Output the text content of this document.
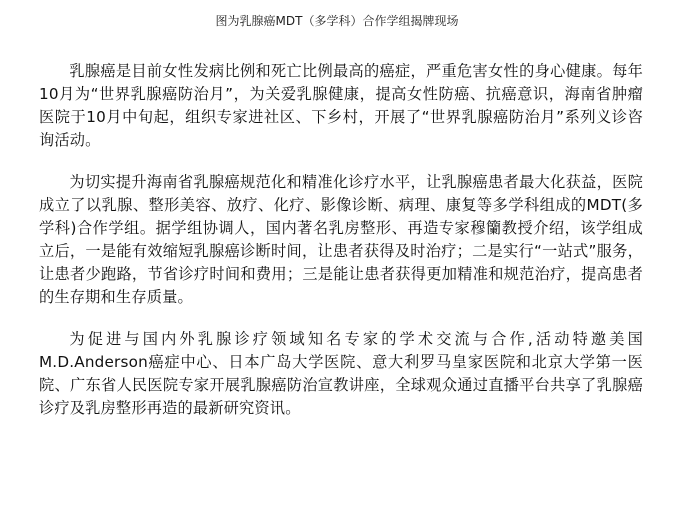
图为乳腺癌MDT（多学科）合作学组揭牌现场

乳腺癌是目前女性发病比例和死亡比例最高的癌症，严重危害女性的身心健康。每年10月为“世界乳腺癌防治月”，为关爱乳腺健康，提高女性防癌、抗癌意识，海南省肿瘤医院于10月中旬起，组织专家进社区、下乡村，开展了“世界乳腺癌防治月”系列义诊咨询活动。

为切实提升海南省乳腺癌规范化和精准化诊疗水平，让乳腺癌患者最大化获益，医院成立了以乳腺、整形美容、放疗、化疗、影像诊断、病理、康复等多学科组成的MDT(多学科)合作学组。据学组协调人，国内著名乳房整形、再造专家穆籣教授介绍，该学组成立后，一是能有效缩短乳腺癌诊断时间，让患者获得及时治疗；二是实行“一站式”服务，让患者少跑路，节省诊疗时间和费用；三是能让患者获得更加精准和规范治疗，提高患者的生存期和生存质量。

为促进与国内外乳腺诊疗领域知名专家的学术交流与合作,活动特邀美国M.D.Anderson癌症中心、日本广岛大学医院、意大利罗马皇家医院和北京大学第一医院、广东省人民医院专家开展乳腺癌防治宣教讲座，全球观众通过直播平台共享了乳腺癌诊疗及乳房整形再造的最新研究资讯。
